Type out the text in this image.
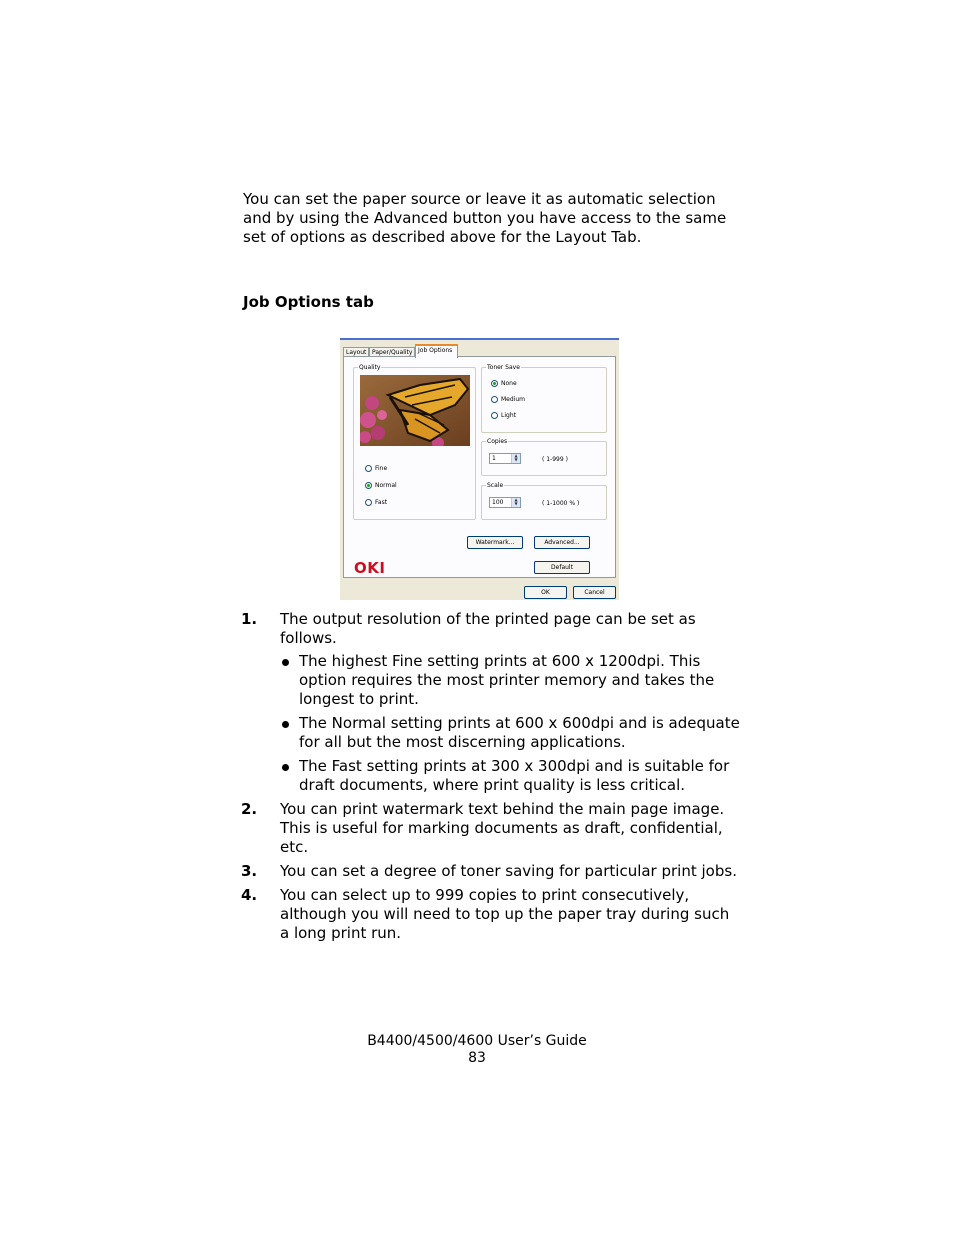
You can set the paper source or leave it as automatic selection and by using the Advanced button you have access to the same set of options as described above for the Layout Tab.
Job Options tab
Layout Paper/Quality Job Options
Quality
Fine
Normal
Fast
Toner Save
None
Medium
Light
Copies
1	▲
▼	( 1-999 )
Scale
100	▲
▼	( 1-1000 % )
Watermark...	Advanced...
Default
OKI
OK	Cancel
1. The output resolution of the printed page can be set as follows.
The highest Fine setting prints at 600 x 1200dpi. This option requires the most printer memory and takes the longest to print.
The Normal setting prints at 600 x 600dpi and is adequate for all but the most discerning applications.
The Fast setting prints at 300 x 300dpi and is suitable for draft documents, where print quality is less critical.
2. You can print watermark text behind the main page image. This is useful for marking documents as draft, confidential, etc.
3. You can set a degree of toner saving for particular print jobs.
4. You can select up to 999 copies to print consecutively, although you will need to top up the paper tray during such a long print run.
B4400/4500/4600 User’s Guide
83
